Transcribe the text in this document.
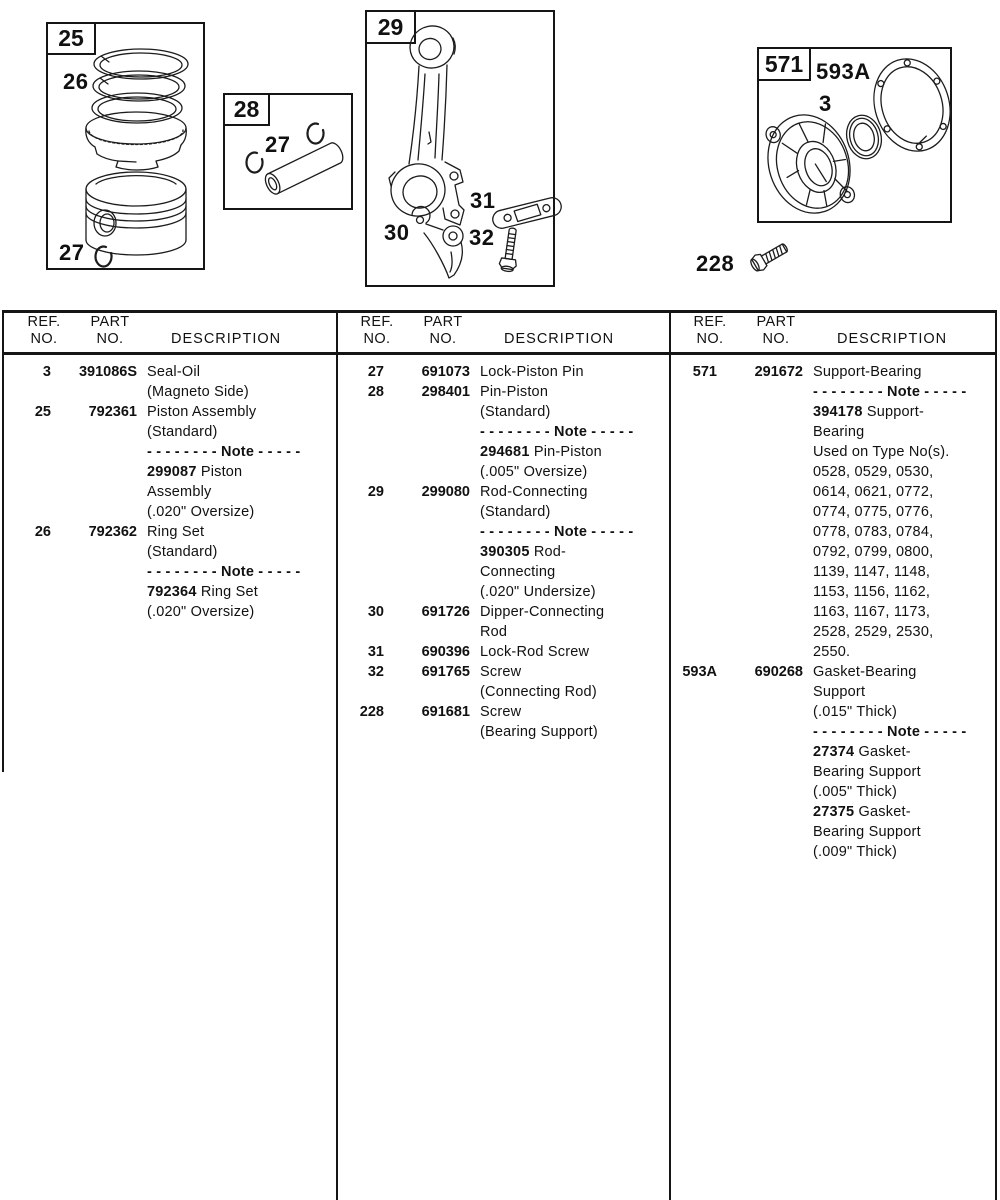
25
26
27
28
27
29
30
31
32
571 593A
3
228
REF.
NO.
PART
NO.	DESCRIPTION
REF.
NO.
PART
NO.	DESCRIPTION
REF.
NO.
PART
NO.	DESCRIPTION
3	391086S Seal-Oil
(Magneto Side)
25	792361 Piston Assembly
(Standard)
- - - - - - - - Note - - - - -
299087 Piston
Assembly
(.020" Oversize)
26	792362 Ring Set
(Standard)
- - - - - - - - Note - - - - -
792364 Ring Set
(.020" Oversize)
27	691073 Lock-Piston Pin
28	298401 Pin-Piston
(Standard)
- - - - - - - - Note - - - - -
294681 Pin-Piston
(.005" Oversize)
29	299080 Rod-Connecting
(Standard)
- - - - - - - - Note - - - - -
390305 Rod-
Connecting
(.020" Undersize)
30	691726 Dipper-Connecting
Rod
31	690396 Lock-Rod Screw
32	691765 Screw
(Connecting Rod)
228	691681 Screw
(Bearing Support)
571	291672 Support-Bearing
- - - - - - - - Note - - - - -
394178 Support-
Bearing
Used on Type No(s).
0528, 0529, 0530,
0614, 0621, 0772,
0774, 0775, 0776,
0778, 0783, 0784,
0792, 0799, 0800,
1139, 1147, 1148,
1153, 1156, 1162,
1163, 1167, 1173,
2528, 2529, 2530,
2550.
593A	690268 Gasket-Bearing
Support
(.015" Thick)
- - - - - - - - Note - - - - -
27374 Gasket-
Bearing Support
(.005" Thick)
27375 Gasket-
Bearing Support
(.009" Thick)
